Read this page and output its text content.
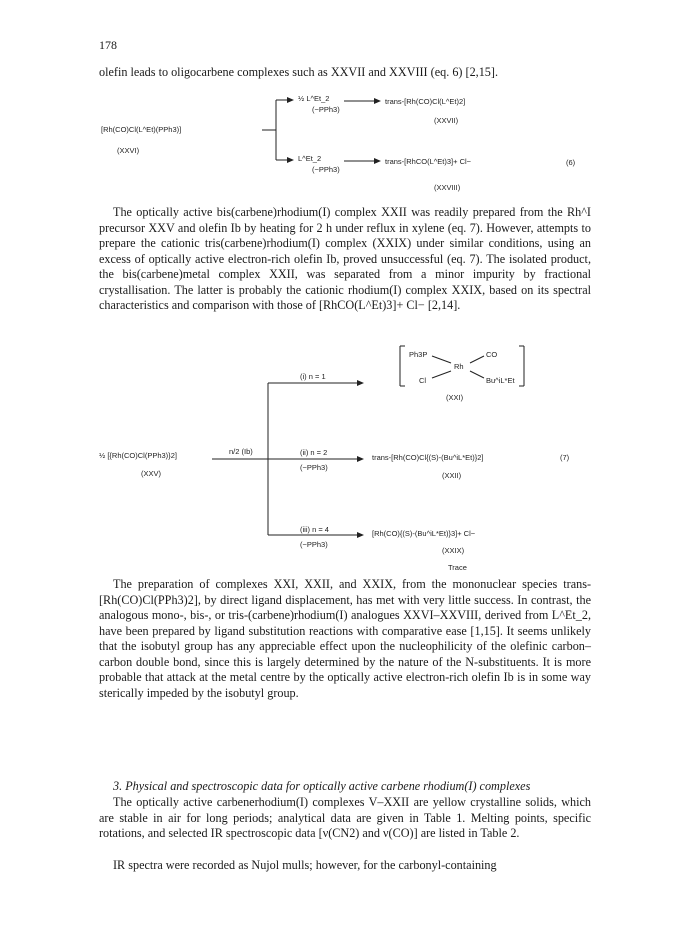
178
olefin leads to oligocarbene complexes such as XXVII and XXVIII (eq. 6) [2,15].
[Rh(CO)Cl(L^Et)(PPh3)]
(XXVI)
½ L^Et_2
(−PPh3)
trans-[Rh(CO)Cl(L^Et)2]
(XXVII)
L^Et_2
(−PPh3)
trans-[RhCO(L^Et)3]+ Cl−
(XXVIII)
(6)

The optically active bis(carbene)rhodium(I) complex XXII was readily prepared from the Rh^I precursor XXV and olefin Ib by heating for 2 h under reflux in xylene (eq. 7). However, attempts to prepare the cationic tris(carbene)rhodium(I) complex (XXIX) under similar conditions, using an excess of optically active electron-rich olefin Ib, proved unsuccessful (eq. 7). The isolated product, the bis(carbene)metal complex XXII, was separated from a minor impurity by fractional crystallisation. The latter is probably the cationic rhodium(I) complex XXIX, based on its spectral characteristics and comparison with those of [RhCO(L^Et)3]+ Cl− [2,14].

½ [{Rh(CO)Cl(PPh3)}2]
(XXV)
n/2 (Ib)
(i) n = 1
Ph3P	CO
Rh
Cl	Bu^iL*Et
(XXI)
(ii) n = 2
(−PPh3)
trans-[Rh(CO)Cl{(S)-(Bu^iL*Et)}2]
(XXII)
(7)
(iii) n = 4
(−PPh3)
[Rh(CO){(S)-(Bu^iL*Et)}3]+ Cl−
(XXIX)
Trace

The preparation of complexes XXI, XXII, and XXIX, from the mononuclear species trans-[Rh(CO)Cl(PPh3)2], by direct ligand displacement, has met with very little success. In contrast, the analogous mono-, bis-, or tris-(carbene)rhodium(I) analogues XXVI–XXVIII, derived from L^Et_2, have been prepared by ligand substitution reactions with comparative ease [1,15]. It seems unlikely that the isobutyl group has any appreciable effect upon the nucleophilicity of the olefinic carbon–carbon double bond, since this is largely determined by the nature of the N-substituents. It is more probable that attack at the metal centre by the optically active electron-rich olefin Ib is in some way sterically impeded by the isobutyl group.

3. Physical and spectroscopic data for optically active carbene rhodium(I) complexes

The optically active carbenerhodium(I) complexes V–XXII are yellow crystalline solids, which are stable in air for long periods; analytical data are given in Table 1. Melting points, specific rotations, and selected IR spectroscopic data [ν(CN2) and ν(CO)] are listed in Table 2.

IR spectra were recorded as Nujol mulls; however, for the carbonyl-containing
